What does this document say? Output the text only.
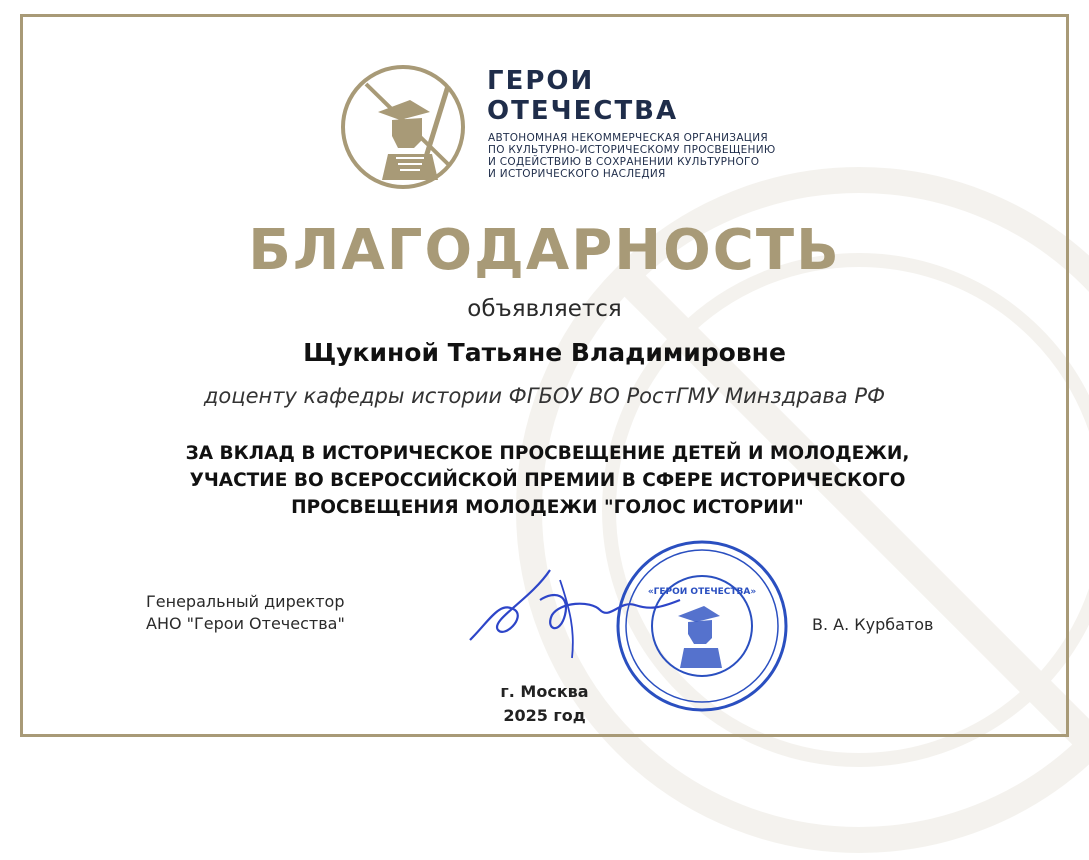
ГЕРОИ
ОТЕЧЕСТВА
АВТОНОМНАЯ НЕКОММЕРЧЕСКАЯ ОРГАНИЗАЦИЯ
ПО КУЛЬТУРНО-ИСТОРИЧЕСКОМУ ПРОСВЕЩЕНИЮ
И СОДЕЙСТВИЮ В СОХРАНЕНИИ КУЛЬТУРНОГО
И ИСТОРИЧЕСКОГО НАСЛЕДИЯ
БЛАГОДАРНОСТЬ
объявляется
Щукиной Татьяне Владимировне
доценту кафедры истории ФГБОУ ВО РостГМУ Минздрава РФ
ЗА ВКЛАД В ИСТОРИЧЕСКОЕ ПРОСВЕЩЕНИЕ ДЕТЕЙ И МОЛОДЕЖИ,
УЧАСТИЕ ВО ВСЕРОССИЙСКОЙ ПРЕМИИ В СФЕРЕ ИСТОРИЧЕСКОГО
ПРОСВЕЩЕНИЯ МОЛОДЕЖИ "ГОЛОС ИСТОРИИ"
Генеральный директор
АНО "Герои Отечества"
«ГЕРОИ ОТЕЧЕСТВА»
В. А. Курбатов
г. Москва
2025 год
